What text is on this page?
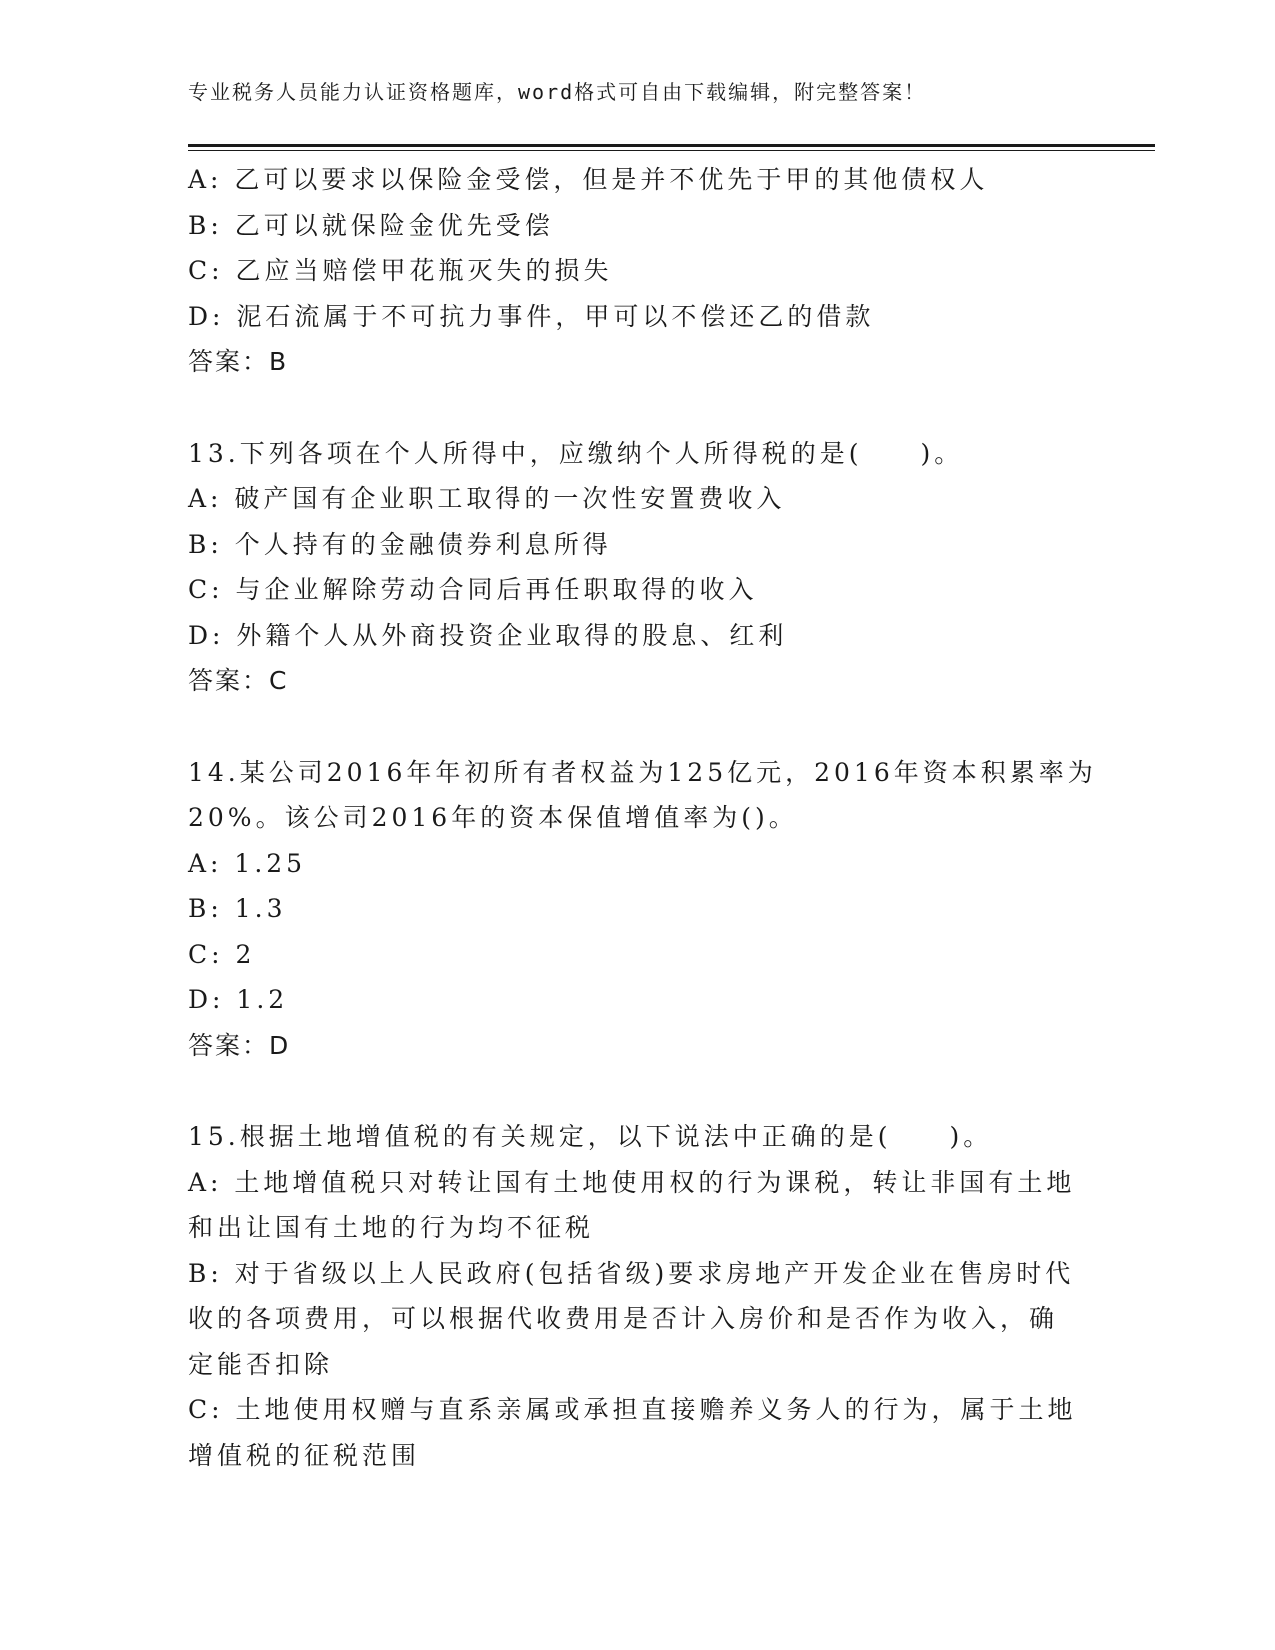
专业税务人员能力认证资格题库，word格式可自由下载编辑，附完整答案！
A: 乙可以要求以保险金受偿，但是并不优先于甲的其他债权人
B: 乙可以就保险金优先受偿
C: 乙应当赔偿甲花瓶灭失的损失
D: 泥石流属于不可抗力事件，甲可以不偿还乙的借款
答案：B
13.下列各项在个人所得中，应缴纳个人所得税的是(　　)。
A: 破产国有企业职工取得的一次性安置费收入
B: 个人持有的金融债券利息所得
C: 与企业解除劳动合同后再任职取得的收入
D: 外籍个人从外商投资企业取得的股息、红利
答案：C
14.某公司2016年年初所有者权益为125亿元，2016年资本积累率为
20%。该公司2016年的资本保值增值率为()。
A: 1.25
B: 1.3
C: 2
D: 1.2
答案：D
15.根据土地增值税的有关规定，以下说法中正确的是(　　)。
A: 土地增值税只对转让国有土地使用权的行为课税，转让非国有土地
和出让国有土地的行为均不征税
B: 对于省级以上人民政府(包括省级)要求房地产开发企业在售房时代
收的各项费用，可以根据代收费用是否计入房价和是否作为收入，确
定能否扣除
C: 土地使用权赠与直系亲属或承担直接赡养义务人的行为，属于土地
增值税的征税范围
